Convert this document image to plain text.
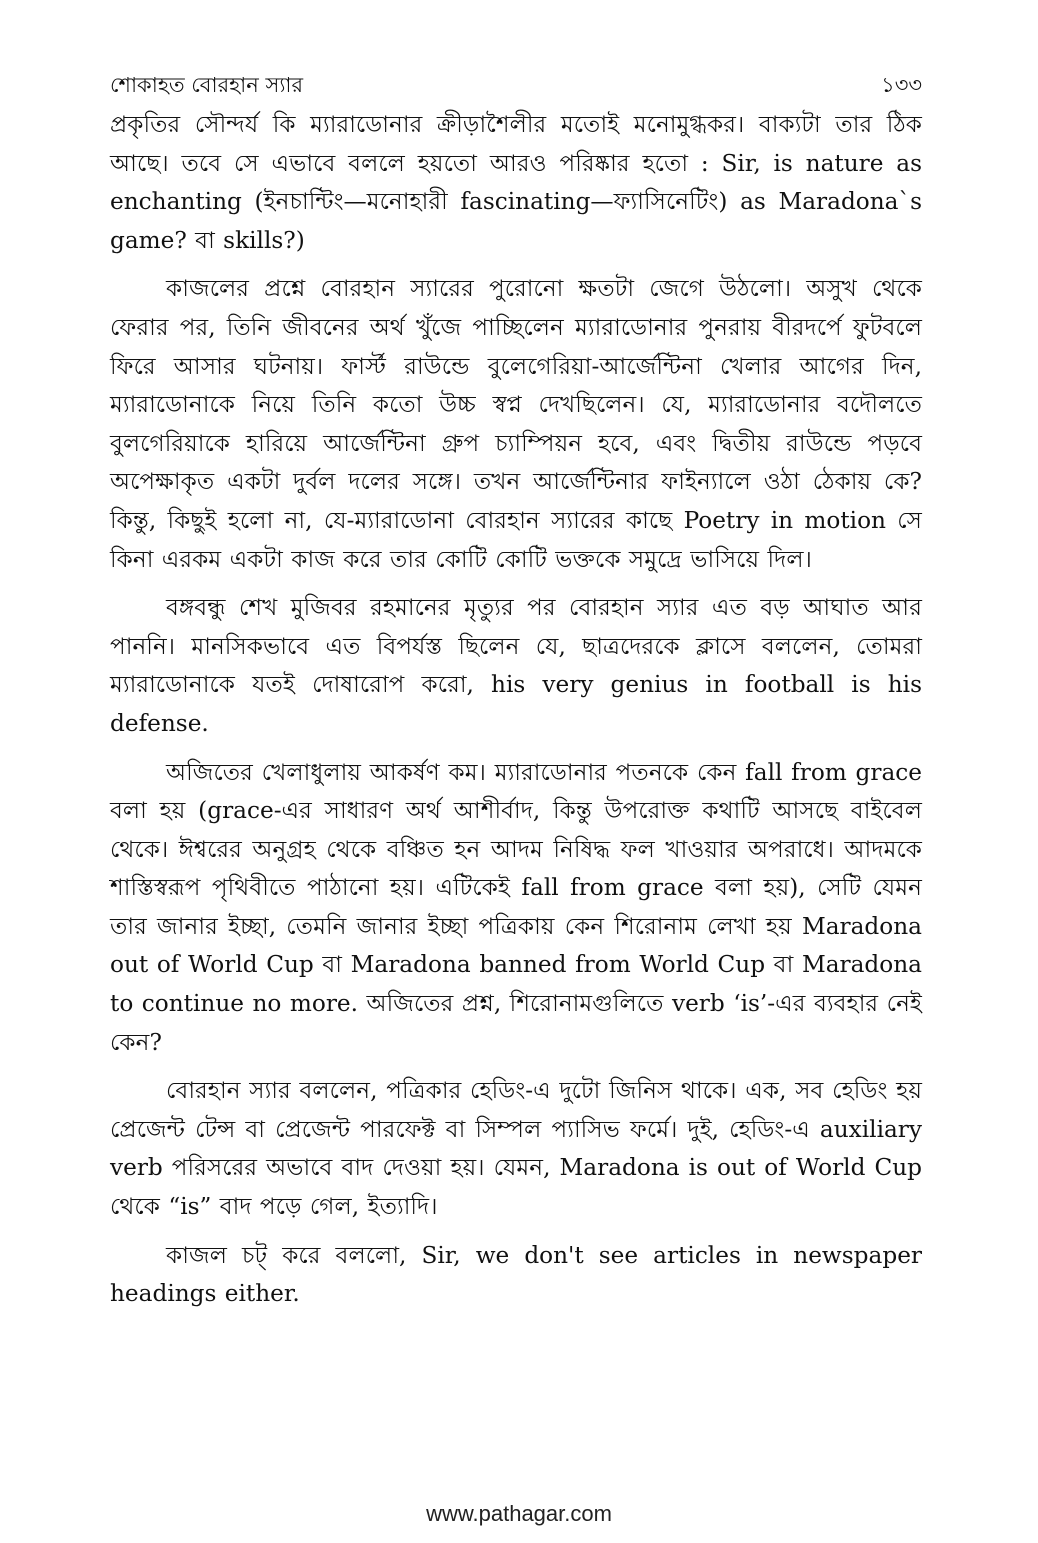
শোকাহত বোরহান স্যার	১৩৩

প্রকৃতির সৌন্দর্য কি ম্যারাডোনার ক্রীড়াশৈলীর মতোই মনোমুগ্ধকর। বাক্যটা তার ঠিক আছে। তবে সে এভাবে বললে হয়তো আরও পরিষ্কার হতো : Sir, is nature as enchanting (ইনচান্টিং—মনোহারী fascinating—ফ্যাসিনেটিং) as Maradona`s game? বা skills?)

কাজলের প্রশ্নে বোরহান স্যারের পুরোনো ক্ষতটা জেগে উঠলো। অসুখ থেকে ফেরার পর, তিনি জীবনের অর্থ খুঁজে পাচ্ছিলেন ম্যারাডোনার পুনরায় বীরদর্পে ফুটবলে ফিরে আসার ঘটনায়। ফার্স্ট রাউন্ডে বুলেগেরিয়া-আর্জেন্টিনা খেলার আগের দিন, ম্যারাডোনাকে নিয়ে তিনি কতো উচ্চ স্বপ্ন দেখছিলেন। যে, ম্যারাডোনার বদৌলতে বুলগেরিয়াকে হারিয়ে আর্জেন্টিনা গ্রুপ চ্যাম্পিয়ন হবে, এবং দ্বিতীয় রাউন্ডে পড়বে অপেক্ষাকৃত একটা দুর্বল দলের সঙ্গে। তখন আর্জেন্টিনার ফাইন্যালে ওঠা ঠেকায় কে? কিন্তু, কিছুই হলো না, যে-ম্যারাডোনা বোরহান স্যারের কাছে Poetry in motion সে কিনা এরকম একটা কাজ করে তার কোটি কোটি ভক্তকে সমুদ্রে ভাসিয়ে দিল।

বঙ্গবন্ধু শেখ মুজিবর রহমানের মৃত্যুর পর বোরহান স্যার এত বড় আঘাত আর পাননি। মানসিকভাবে এত বিপর্যস্ত ছিলেন যে, ছাত্রদেরকে ক্লাসে বললেন, তোমরা ম্যারাডোনাকে যতই দোষারোপ করো, his very genius in football is his defense.

অজিতের খেলাধুলায় আকর্ষণ কম। ম্যারাডোনার পতনকে কেন fall from grace বলা হয় (grace-এর সাধারণ অর্থ আশীর্বাদ, কিন্তু উপরোক্ত কথাটি আসছে বাইবেল থেকে। ঈশ্বরের অনুগ্রহ থেকে বঞ্চিত হন আদম নিষিদ্ধ ফল খাওয়ার অপরাধে। আদমকে শাস্তিস্বরূপ পৃথিবীতে পাঠানো হয়। এটিকেই fall from grace বলা হয়), সেটি যেমন তার জানার ইচ্ছা, তেমনি জানার ইচ্ছা পত্রিকায় কেন শিরোনাম লেখা হয় Maradona out of World Cup বা Maradona banned from World Cup বা Maradona to continue no more. অজিতের প্রশ্ন, শিরোনামগুলিতে verb ‘is’-এর ব্যবহার নেই কেন?

বোরহান স্যার বললেন, পত্রিকার হেডিং-এ দুটো জিনিস থাকে। এক, সব হেডিং হয় প্রেজেন্ট টেন্স বা প্রেজেন্ট পারফেক্ট বা সিম্পল প্যাসিভ ফর্মে। দুই, হেডিং-এ auxiliary verb পরিসরের অভাবে বাদ দেওয়া হয়। যেমন, Maradona is out of World Cup থেকে “is” বাদ পড়ে গেল, ইত্যাদি।

কাজল চট্ করে বললো, Sir, we don't see articles in newspaper headings either.

www.pathagar.com
